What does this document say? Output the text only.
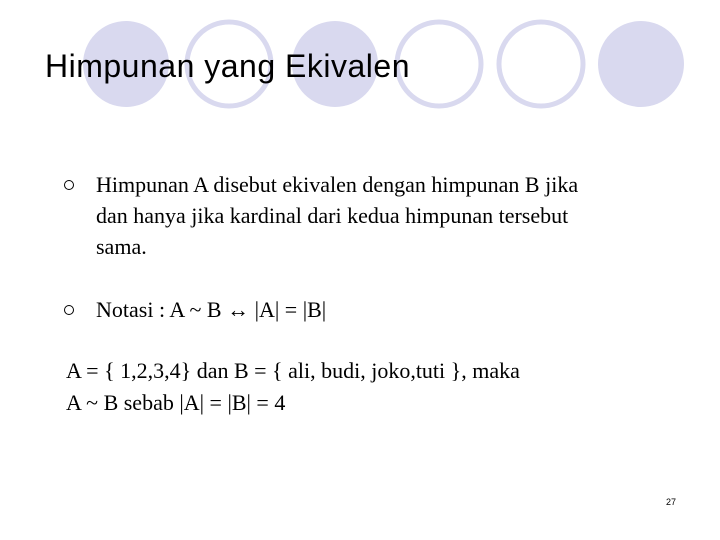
Himpunan yang Ekivalen
Himpunan A disebut ekivalen dengan himpunan B jika
dan hanya jika kardinal dari kedua himpunan tersebut
sama.
Notasi : A ~ B ↔ |A| = |B|
A = { 1,2,3,4} dan B = { ali, budi, joko,tuti }, maka
A ~ B sebab |A| = |B| = 4
27
